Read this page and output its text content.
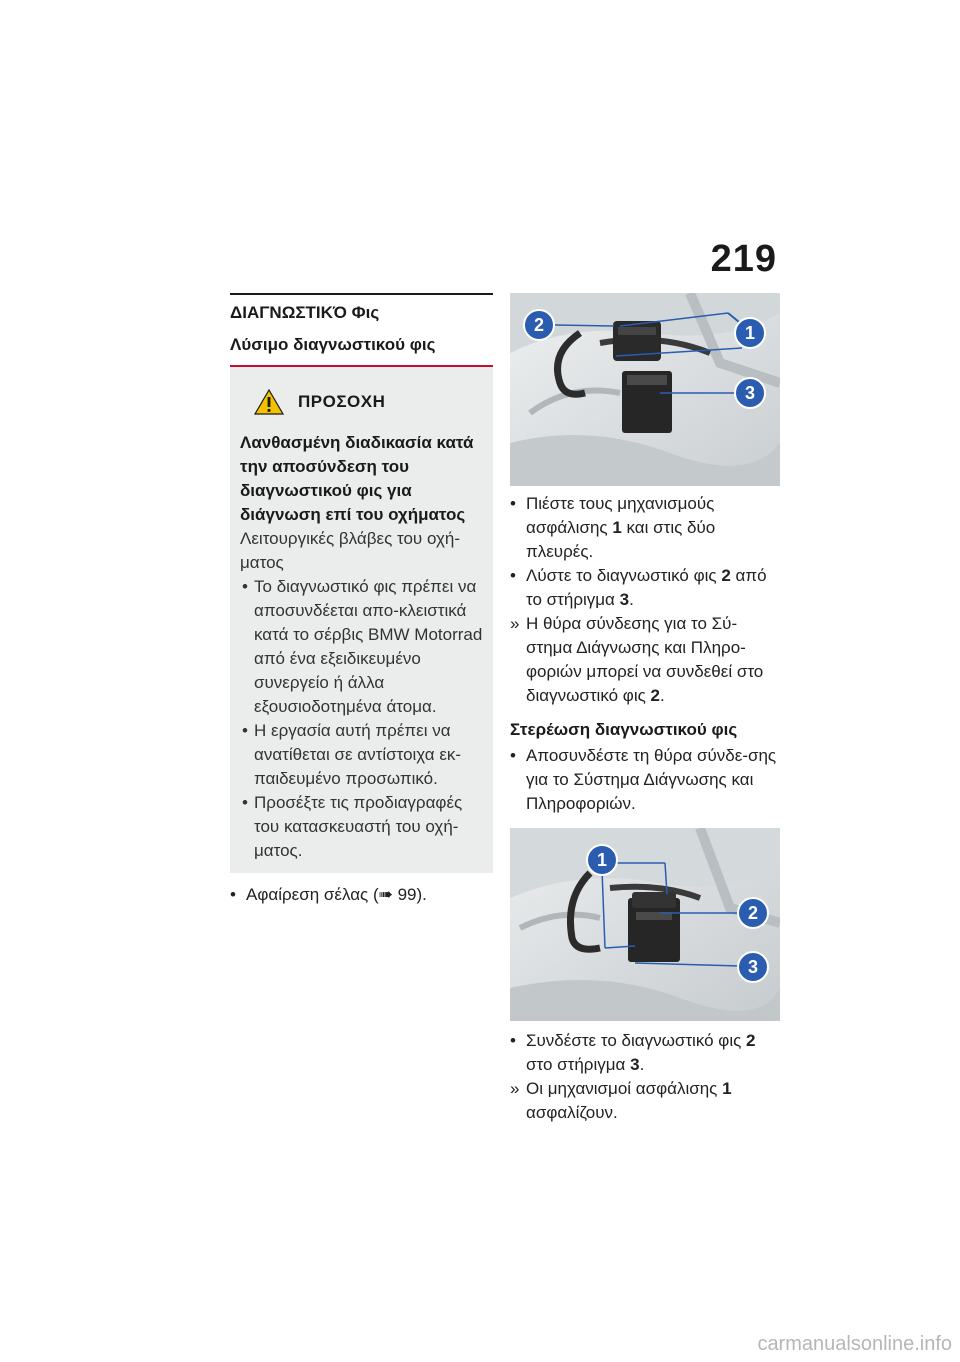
219
ΔΙΑΓΝΩΣΤΙΚΌ Φις
Λύσιμο διαγνωστικού φις
ΠΡΟΣΟΧΗ
Λανθασμένη διαδικασία κατά την αποσύνδεση του διαγνωστικού φις για διάγνωση επί του οχήματος
Λειτουργικές βλάβες του οχή-ματος
• Το διαγνωστικό φις πρέπει να αποσυνδέεται απο-κλειστικά κατά το σέρβις BMW Motorrad από ένα εξειδικευμένο συνεργείο ή άλλα εξουσιοδοτημένα άτομα.
• Η εργασία αυτή πρέπει να ανατίθεται σε αντίστοιχα εκ-παιδευμένο προσωπικό.
• Προσέξτε τις προδιαγραφές του κατασκευαστή του οχή-ματος.
• Αφαίρεση σέλας (➠ 99).
2	1
3
• Πιέστε τους μηχανισμούς ασφάλισης 1 και στις δύο πλευρές.
• Λύστε το διαγνωστικό φις 2 από το στήριγμα 3.
» Η θύρα σύνδεσης για το Σύ-στημα Διάγνωσης και Πληρο-φοριών μπορεί να συνδεθεί στο διαγνωστικό φις 2.
Στερέωση διαγνωστικού φις
• Αποσυνδέστε τη θύρα σύνδε-σης για το Σύστημα Διάγνωσης και Πληροφοριών.
1
2
3
• Συνδέστε το διαγνωστικό φις 2 στο στήριγμα 3.
» Οι μηχανισμοί ασφάλισης 1 ασφαλίζουν.
carmanualsonline.info
